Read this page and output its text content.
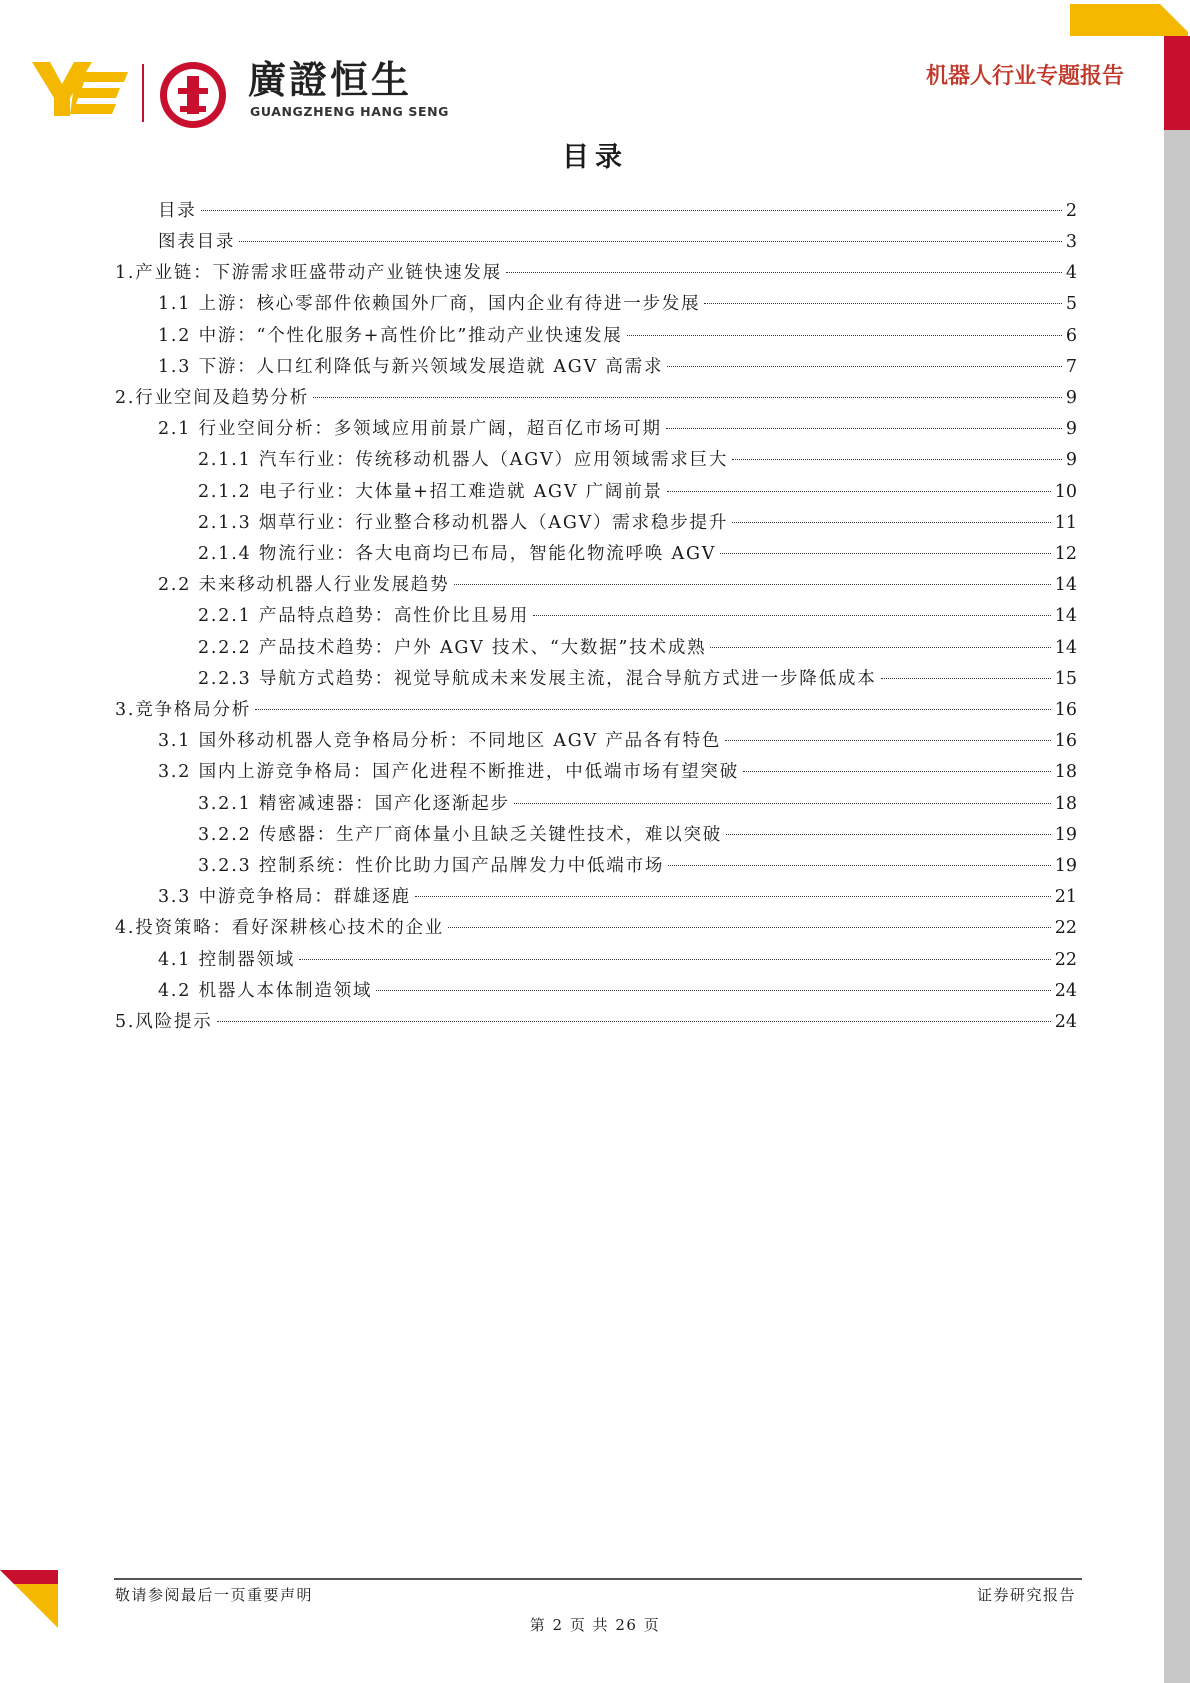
廣證恒生
GUANGZHENG HANG SENG
机器人行业专题报告
目录
目录	2
图表目录	3
1.产业链：下游需求旺盛带动产业链快速发展	4
1.1 上游：核心零部件依赖国外厂商，国内企业有待进一步发展	5
1.2 中游：“个性化服务+高性价比”推动产业快速发展	6
1.3 下游：人口红利降低与新兴领域发展造就 AGV 高需求	7
2.行业空间及趋势分析	9
2.1 行业空间分析：多领域应用前景广阔，超百亿市场可期	9
2.1.1 汽车行业：传统移动机器人（AGV）应用领域需求巨大	9
2.1.2 电子行业：大体量+招工难造就 AGV 广阔前景	10
2.1.3 烟草行业：行业整合移动机器人（AGV）需求稳步提升	11
2.1.4 物流行业：各大电商均已布局，智能化物流呼唤 AGV	12
2.2 未来移动机器人行业发展趋势	14
2.2.1 产品特点趋势：高性价比且易用	14
2.2.2 产品技术趋势：户外 AGV 技术、“大数据”技术成熟	14
2.2.3 导航方式趋势：视觉导航成未来发展主流，混合导航方式进一步降低成本	15
3.竞争格局分析	16
3.1 国外移动机器人竞争格局分析：不同地区 AGV 产品各有特色	16
3.2 国内上游竞争格局：国产化进程不断推进，中低端市场有望突破	18
3.2.1 精密减速器：国产化逐渐起步	18
3.2.2 传感器：生产厂商体量小且缺乏关键性技术，难以突破	19
3.2.3 控制系统：性价比助力国产品牌发力中低端市场	19
3.3 中游竞争格局：群雄逐鹿	21
4.投资策略：看好深耕核心技术的企业	22
4.1 控制器领域	22
4.2 机器人本体制造领域	24
5.风险提示	24
敬请参阅最后一页重要声明	证券研究报告
第 2 页 共 26 页
